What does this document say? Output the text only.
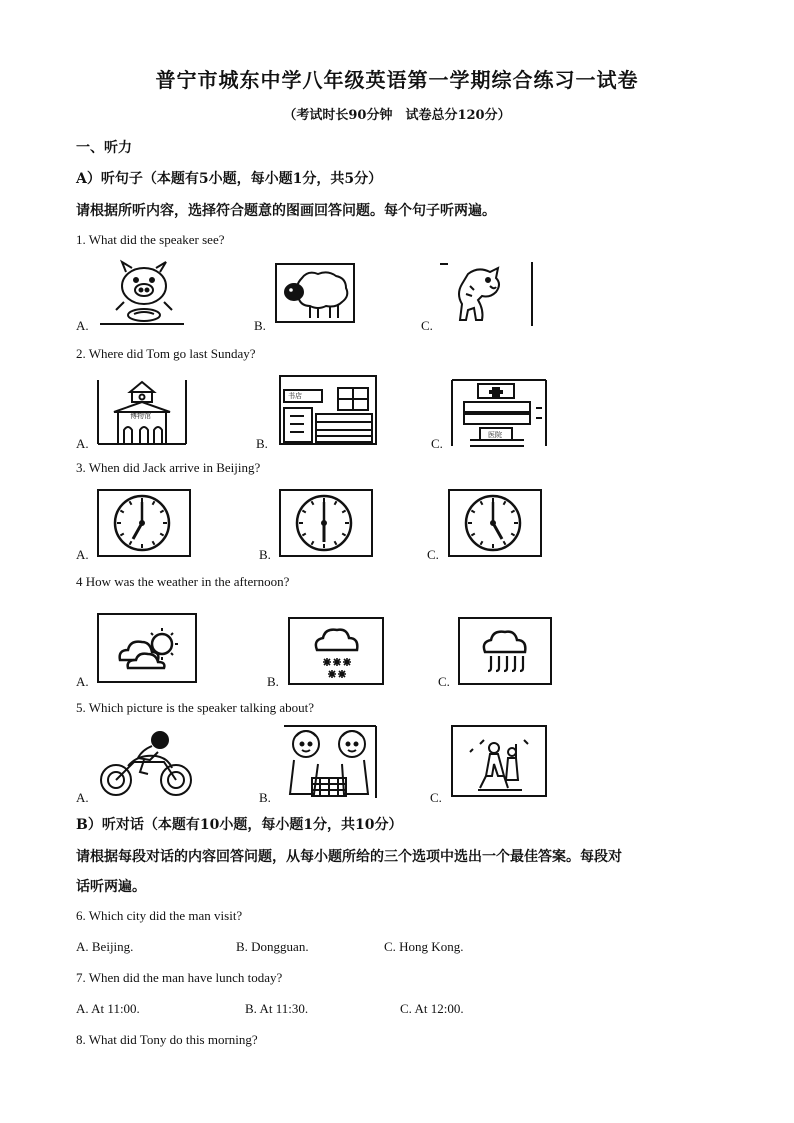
普宁市城东中学八年级英语第一学期综合练习一试卷
（考试时长90分钟　试卷总分120分）
一、听力
A）听句子（本题有5小题，每小题1分，共5分）
请根据所听内容，选择符合题意的图画回答问题。每个句子听两遍。
1. What did the speaker see?
A.	B.	C.
2. Where did Tom go last Sunday?
A.	B.	C.
博物馆
书店
医院
3. When did Jack arrive in Beijing?
A.	B.	C.
4 How was the weather in the afternoon?
A.	B.	C.
5. Which picture is the speaker talking about?
A.	B.	C.
B）听对话（本题有10小题，每小题1分，共10分）
请根据每段对话的内容回答问题，从每小题所给的三个选项中选出一个最佳答案。每段对
话听两遍。
6. Which city did the man visit?
A. Beijing.	B. Dongguan.	C. Hong Kong.
7. When did the man have lunch today?
A. At 11:00.	B. At 11:30.	C. At 12:00.
8. What did Tony do this morning?
